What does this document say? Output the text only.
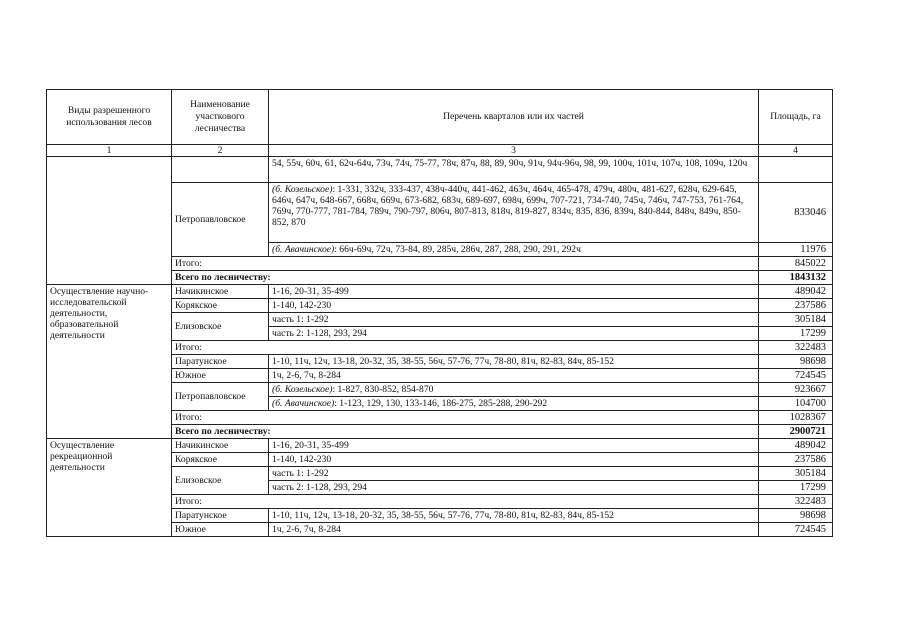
Виды разрешенного использования лесов	Наименование участкового лесничества	Перечень кварталов или их частей	Площадь, га
1	2	3	4
		54, 55ч, 60ч, 61, 62ч-64ч, 73ч, 74ч, 75-77, 78ч, 87ч, 88, 89, 90ч, 91ч, 94ч-96ч, 98, 99, 100ч, 101ч, 107ч, 108, 109ч, 120ч	
	Петропавловское	(б. Козельское): 1-331, 332ч, 333-437, 438ч-440ч, 441-462, 463ч, 464ч, 465-478, 479ч, 480ч, 481-627, 628ч, 629-645, 646ч, 647ч, 648-667, 668ч, 669ч, 673-682, 683ч, 689-697, 698ч, 699ч, 707-721, 734-740, 745ч, 746ч, 747-753, 761-764, 769ч, 770-777, 781-784, 789ч, 790-797, 806ч, 807-813, 818ч, 819-827, 834ч, 835, 836, 839ч, 840-844, 848ч, 849ч, 850-852, 870	833046
		(б. Авачинское): 66ч-69ч, 72ч, 73-84, 89, 285ч, 286ч, 287, 288, 290, 291, 292ч	11976
	Итого:		845022
	Всего по лесничеству:		1843132
Осуществление научно-исследовательской деятельности, образовательной деятельности	Начикинское	1-16, 20-31, 35-499	489042
	Корякское	1-140, 142-230	237586
	Елизовское	часть 1: 1-292	305184
		часть 2: 1-128, 293, 294	17299
	Итого:		322483
	Паратунское	1-10, 11ч, 12ч, 13-18, 20-32, 35, 38-55, 56ч, 57-76, 77ч, 78-80, 81ч, 82-83, 84ч, 85-152	98698
	Южное	1ч, 2-6, 7ч, 8-284	724545
	Петропавловское	(б. Козельское): 1-827, 830-852, 854-870	923667
		(б. Авачинское): 1-123, 129, 130, 133-146, 186-275, 285-288, 290-292	104700
	Итого:		1028367
	Всего по лесничеству:		2900721
Осуществление рекреационной деятельности	Начикинское	1-16, 20-31, 35-499	489042
	Корякское	1-140, 142-230	237586
	Елизовское	часть 1: 1-292	305184
		часть 2: 1-128, 293, 294	17299
	Итого:		322483
	Паратунское	1-10, 11ч, 12ч, 13-18, 20-32, 35, 38-55, 56ч, 57-76, 77ч, 78-80, 81ч, 82-83, 84ч, 85-152	98698
	Южное	1ч, 2-6, 7ч, 8-284	724545
